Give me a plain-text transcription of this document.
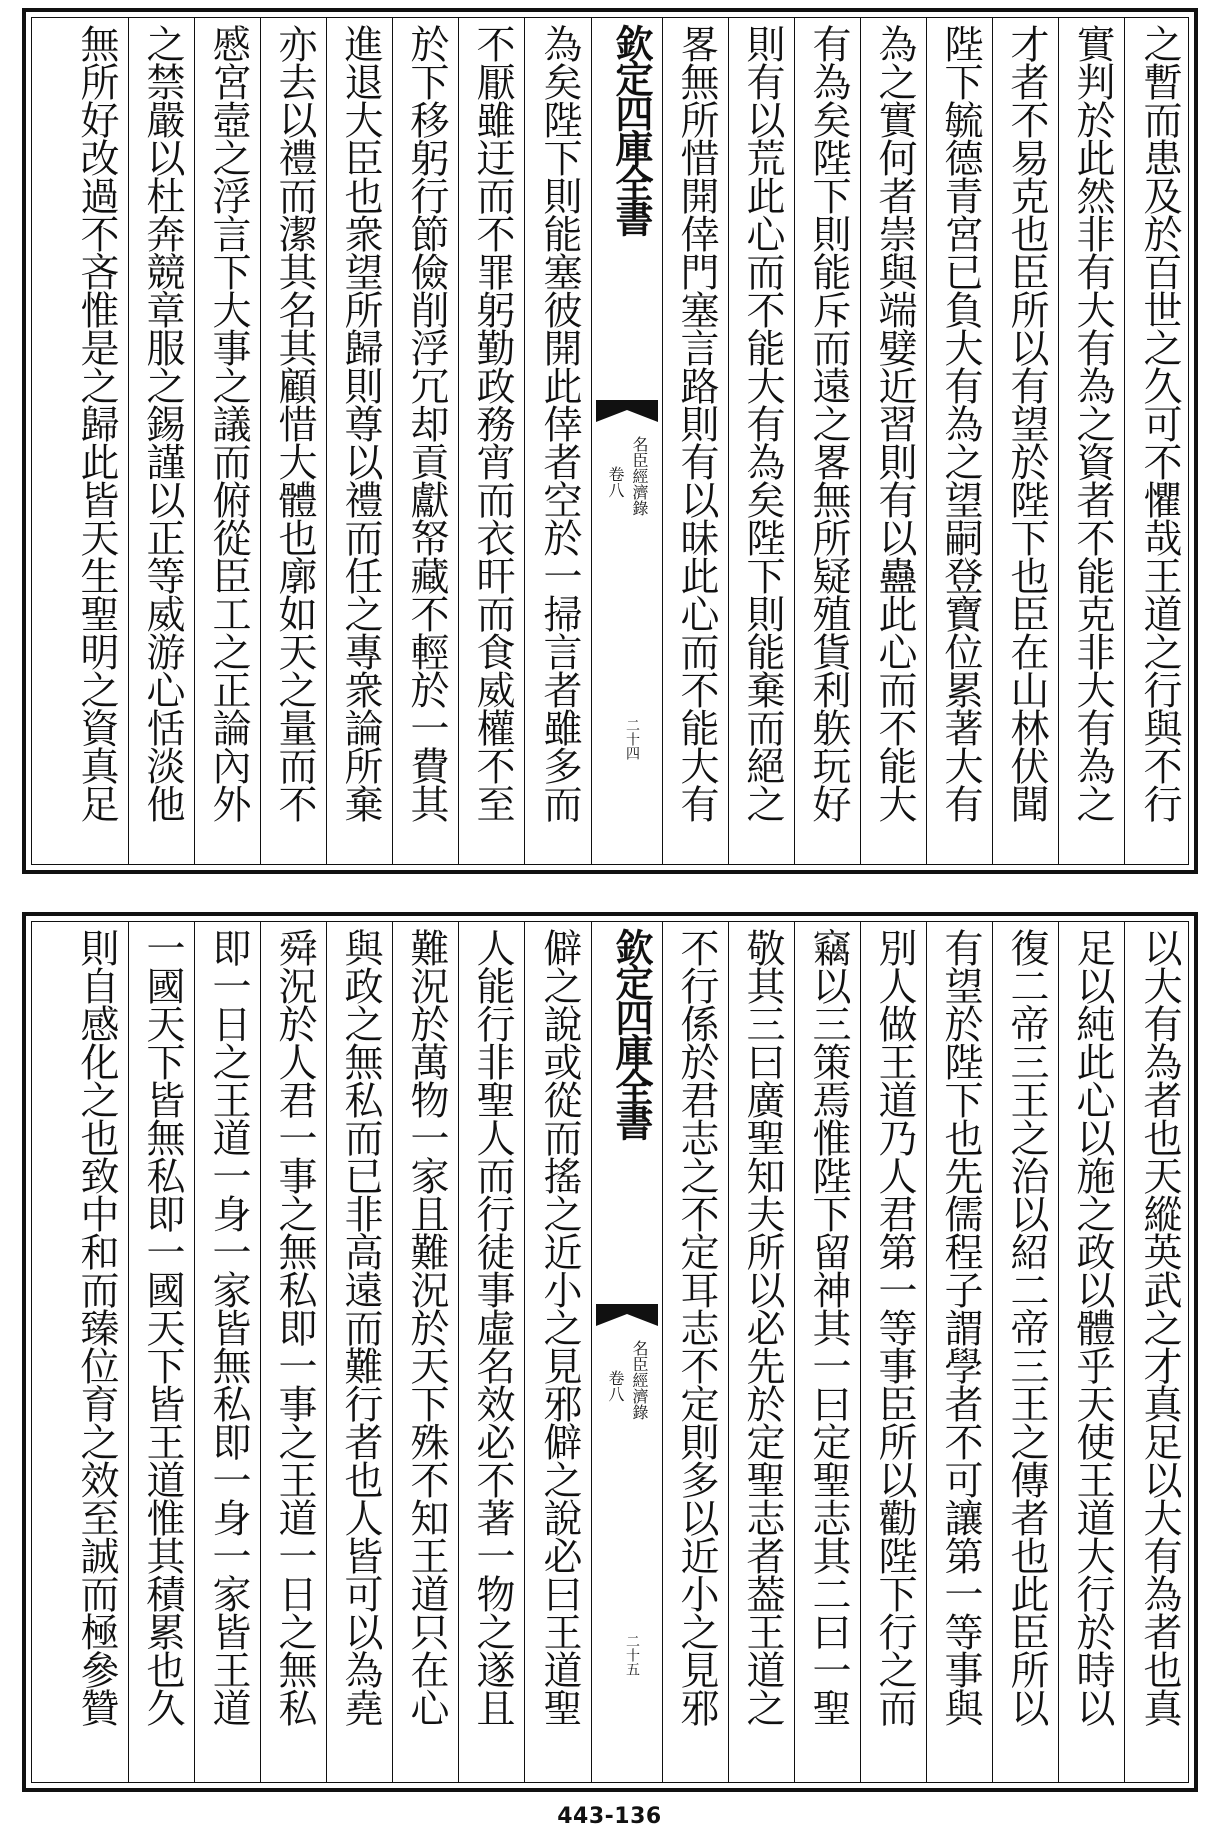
之暫而患及於百世之久可不懼哉王道之行與不行
實判於此然非有大有為之資者不能克非大有為之
才者不易克也臣所以有望於陛下也臣在山林伏聞
陛下毓德青宮已負大有為之望嗣登寶位累著大有
為之實何者崇與端嬖近習則有以蠱此心而不能大
有為矣陛下則能斥而遠之畧無所疑殖貨利䠶玩好
則有以荒此心而不能大有為矣陛下則能棄而絕之
畧無所惜開倖門塞言路則有以昧此心而不能大有
欽定四庫全書
名臣經濟錄
卷八
二十四
為矣陛下則能塞彼開此倖者空於一掃言者雖多而
不厭雖迂而不罪躬勤政務宵而衣旰而食威權不至
於下移躬行節儉削浮冗却貢獻帑藏不輕於一費其
進退大臣也衆望所歸則尊以禮而任之專衆論所棄
亦去以禮而潔其名其顧惜大體也廓如天之量而不
慼宮壼之浮言下大事之議而俯從臣工之正論內外
之禁嚴以杜奔競章服之錫謹以正等威游心恬淡他
無所好改過不吝惟是之歸此皆天生聖明之資真足
以大有為者也天縱英武之才真足以大有為者也真
足以純此心以施之政以體乎天使王道大行於時以
復二帝三王之治以紹二帝三王之傳者也此臣所以
有望於陛下也先儒程子謂學者不可讓第一等事與
別人做王道乃人君第一等事臣所以勸陛下行之而
竊以三策焉惟陛下留神其一曰定聖志其二曰一聖
敬其三曰廣聖知夫所以必先於定聖志者葢王道之
不行係於君志之不定耳志不定則多以近小之見邪
欽定四庫全書
名臣經濟錄
卷八
二十五
僻之說或從而搖之近小之見邪僻之說必曰王道聖
人能行非聖人而行徒事虛名效必不著一物之遂且
難況於萬物一家且難況於天下殊不知王道只在心
與政之無私而已非高遠而難行者也人皆可以為堯
舜況於人君一事之無私即一事之王道一日之無私
即一日之王道一身一家皆無私即一身一家皆王道
一國天下皆無私即一國天下皆王道惟其積累也久
則自感化之也致中和而臻位育之效至誠而極參贊
443-136
